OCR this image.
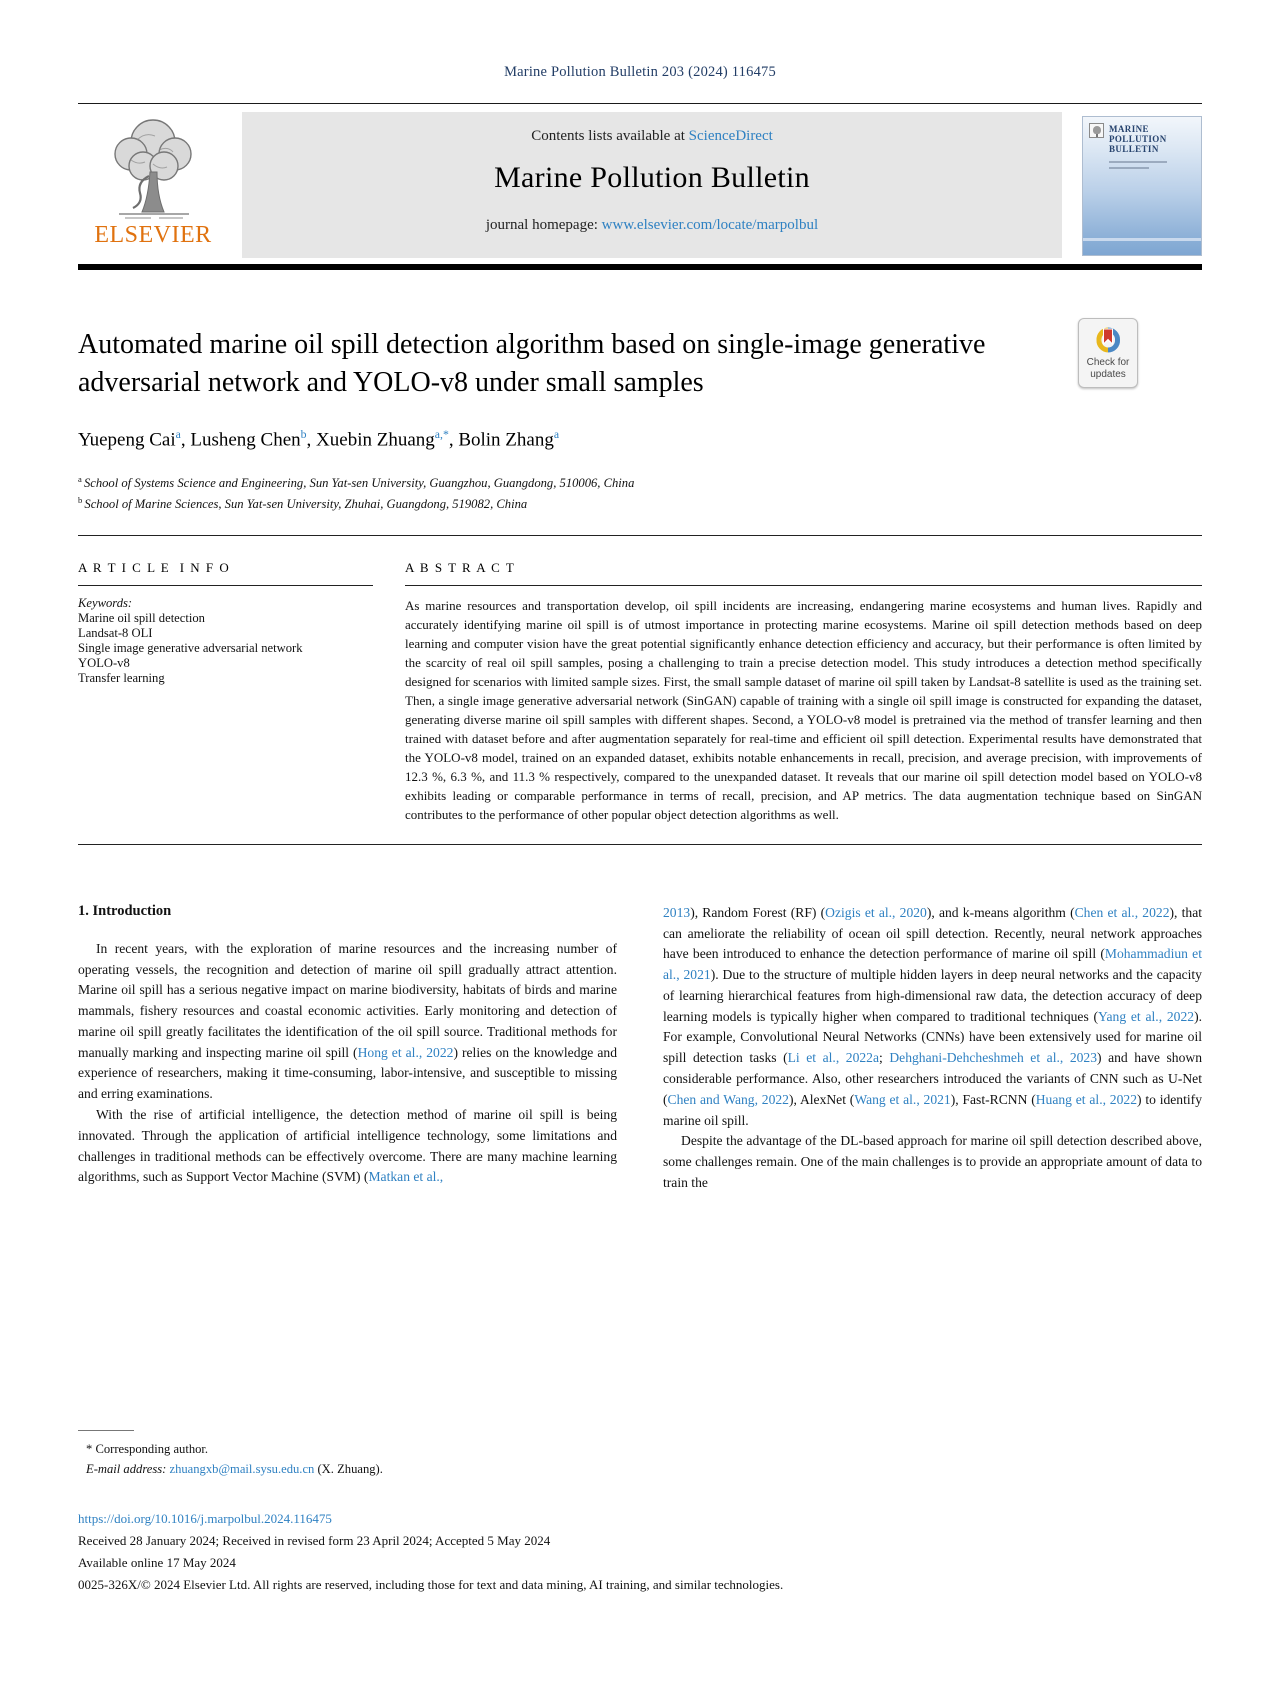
Marine Pollution Bulletin 203 (2024) 116475
ELSEVIER
Contents lists available at ScienceDirect
Marine Pollution Bulletin
journal homepage: www.elsevier.com/locate/marpolbul
MARINE POLLUTION BULLETIN
Check for
updates
Automated marine oil spill detection algorithm based on single-image generative adversarial network and YOLO-v8 under small samples
Yuepeng Cai$^a$, Lusheng Chen$^b$, Xuebin Zhuang$^{a,*}$, Bolin Zhang$^a$
$^a$ School of Systems Science and Engineering, Sun Yat-sen University, Guangzhou, Guangdong, 510006, China
$^b$ School of Marine Sciences, Sun Yat-sen University, Zhuhai, Guangdong, 519082, China
A R T I C L E  I N F O
Keywords:
Marine oil spill detection
Landsat-8 OLI
Single image generative adversarial network
YOLO-v8
Transfer learning
A B S T R A C T
As marine resources and transportation develop, oil spill incidents are increasing, endangering marine ecosystems and human lives. Rapidly and accurately identifying marine oil spill is of utmost importance in protecting marine ecosystems. Marine oil spill detection methods based on deep learning and computer vision have the great potential significantly enhance detection efficiency and accuracy, but their performance is often limited by the scarcity of real oil spill samples, posing a challenging to train a precise detection model. This study introduces a detection method specifically designed for scenarios with limited sample sizes. First, the small sample dataset of marine oil spill taken by Landsat-8 satellite is used as the training set. Then, a single image generative adversarial network (SinGAN) capable of training with a single oil spill image is constructed for expanding the dataset, generating diverse marine oil spill samples with different shapes. Second, a YOLO-v8 model is pretrained via the method of transfer learning and then trained with dataset before and after augmentation separately for real-time and efficient oil spill detection. Experimental results have demonstrated that the YOLO-v8 model, trained on an expanded dataset, exhibits notable enhancements in recall, precision, and average precision, with improvements of 12.3 %, 6.3 %, and 11.3 % respectively, compared to the unexpanded dataset. It reveals that our marine oil spill detection model based on YOLO-v8 exhibits leading or comparable performance in terms of recall, precision, and AP metrics. The data augmentation technique based on SinGAN contributes to the performance of other popular object detection algorithms as well.
1. Introduction
In recent years, with the exploration of marine resources and the increasing number of operating vessels, the recognition and detection of marine oil spill gradually attract attention. Marine oil spill has a serious negative impact on marine biodiversity, habitats of birds and marine mammals, fishery resources and coastal economic activities. Early monitoring and detection of marine oil spill greatly facilitates the identification of the oil spill source. Traditional methods for manually marking and inspecting marine oil spill (Hong et al., 2022) relies on the knowledge and experience of researchers, making it time-consuming, labor-intensive, and susceptible to missing and erring examinations.
With the rise of artificial intelligence, the detection method of marine oil spill is being innovated. Through the application of artificial intelligence technology, some limitations and challenges in traditional methods can be effectively overcome. There are many machine learning algorithms, such as Support Vector Machine (SVM) (Matkan et al.,
2013), Random Forest (RF) (Ozigis et al., 2020), and k-means algorithm (Chen et al., 2022), that can ameliorate the reliability of ocean oil spill detection. Recently, neural network approaches have been introduced to enhance the detection performance of marine oil spill (Mohammadiun et al., 2021). Due to the structure of multiple hidden layers in deep neural networks and the capacity of learning hierarchical features from high-dimensional raw data, the detection accuracy of deep learning models is typically higher when compared to traditional techniques (Yang et al., 2022). For example, Convolutional Neural Networks (CNNs) have been extensively used for marine oil spill detection tasks (Li et al., 2022a; Dehghani-Dehcheshmeh et al., 2023) and have shown considerable performance. Also, other researchers introduced the variants of CNN such as U-Net (Chen and Wang, 2022), AlexNet (Wang et al., 2021), Fast-RCNN (Huang et al., 2022) to identify marine oil spill.
Despite the advantage of the DL-based approach for marine oil spill detection described above, some challenges remain. One of the main challenges is to provide an appropriate amount of data to train the
* Corresponding author.
E-mail address: zhuangxb@mail.sysu.edu.cn (X. Zhuang).
https://doi.org/10.1016/j.marpolbul.2024.116475
Received 28 January 2024; Received in revised form 23 April 2024; Accepted 5 May 2024
Available online 17 May 2024
0025-326X/© 2024 Elsevier Ltd. All rights are reserved, including those for text and data mining, AI training, and similar technologies.
